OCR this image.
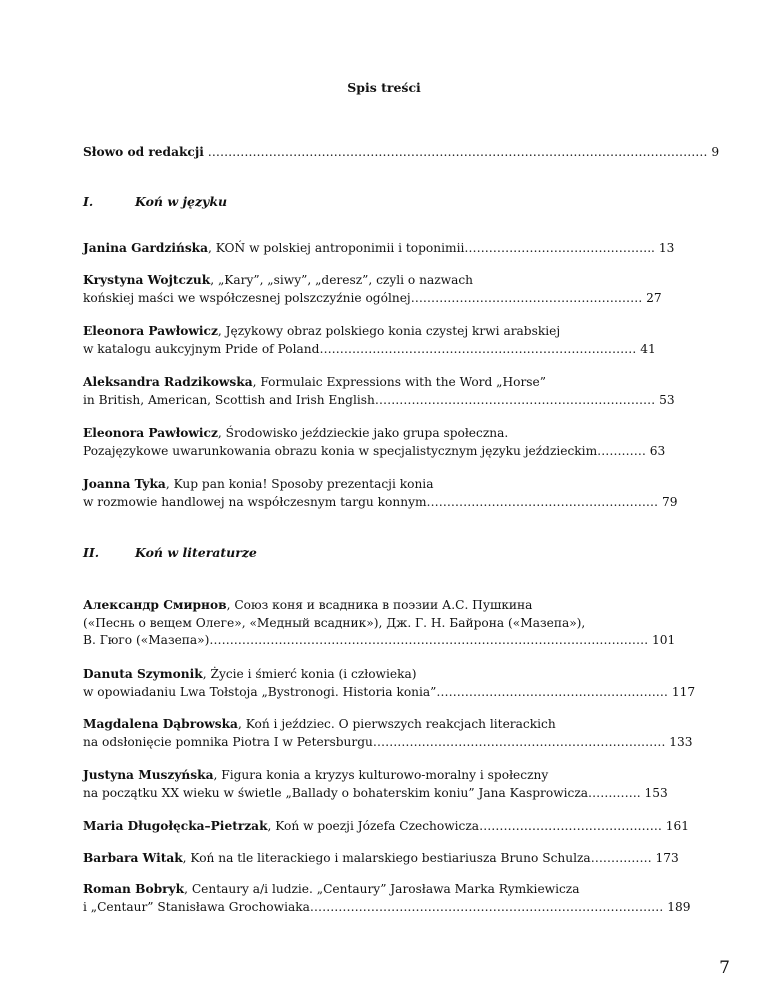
Spis treści
Słowo od redakcji …………………………………………………………………………………………………………… 9
I.	Koń w języku
Janina Gardzińska, KOŃ w polskiej antroponimii i toponimii……………………………………….. 13
Krystyna Wojtczuk, „Kary”, „siwy”, „deresz”, czyli o nazwach
końskiej maści we współczesnej polszczyźnie ogólnej………………………………………………… 27
Eleonora Pawłowicz, Językowy obraz polskiego konia czystej krwi arabskiej
w katalogu aukcyjnym Pride of Poland…………………………………………………………………… 41
Aleksandra Radzikowska, Formulaic Expressions with the Word „Horse”
in British, American, Scottish and Irish English…………………………………………………………… 53
Eleonora Pawłowicz, Środowisko jeździeckie jako grupa społeczna.
Pozajęzykowe uwarunkowania obrazu konia w specjalistycznym języku jeździeckim………… 63
Joanna Tyka, Kup pan konia! Sposoby prezentacji konia
w rozmowie handlowej na współczesnym targu konnym………………………………………………… 79
II.	Koń w literaturze
Александр Смирнов, Союз коня и всадника в поэзии А.С. Пушкина
(«Песнь о вещем Олеге», «Медный всадник»), Дж. Г. Н. Байрона («Мазепа»),
В. Гюго («Мазепа»)……………………………………………………………………………………………… 101
Danuta Szymonik, Życie i śmierć konia (i człowieka)
w opowiadaniu Lwa Tołstoja „Bystronogi. Historia konia”………………………………………………… 117
Magdalena Dąbrowska, Koń i jeździec. O pierwszych reakcjach literackich
na odsłonięcie pomnika Piotra I w Petersburgu……………………………………………………………… 133
Justyna Muszyńska, Figura konia a kryzys kulturowo-moralny i społeczny
na początku XX wieku w świetle „Ballady o bohaterskim koniu” Jana Kasprowicza…………. 153
Maria Długołęcka–Pietrzak, Koń w poezji Józefa Czechowicza……………………………………… 161
Barbara Witak, Koń na tle literackiego i malarskiego bestiariusza Bruno Schulza…………… 173
Roman Bobryk, Centaury a/i ludzie. „Centaury” Jarosława Marka Rymkiewicza
i „Centaur” Stanisława Grochowiaka…………………………………………………………………………… 189
7
